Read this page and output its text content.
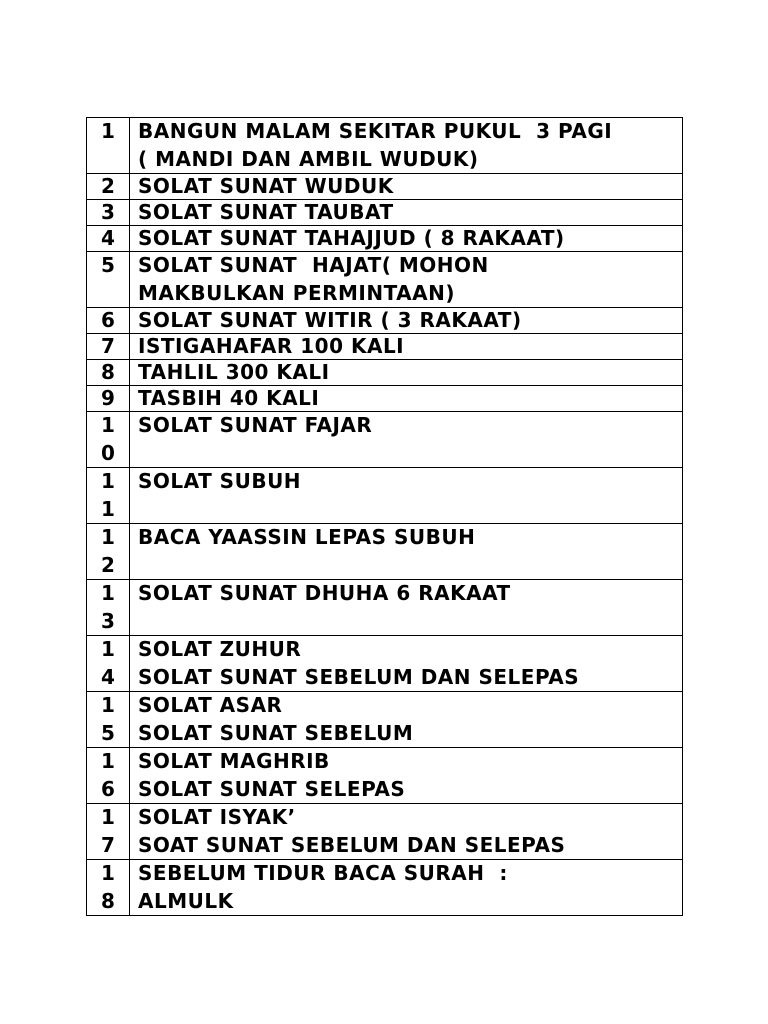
1	BANGUN MALAM SEKITAR PUKUL  3 PAGI
( MANDI DAN AMBIL WUDUK)

2	SOLAT SUNAT WUDUK

3	SOLAT SUNAT TAUBAT

4	SOLAT SUNAT TAHAJJUD ( 8 RAKAAT)

5	SOLAT SUNAT  HAJAT( MOHON
MAKBULKAN PERMINTAAN)

6	SOLAT SUNAT WITIR ( 3 RAKAAT)

7	ISTIGAHAFAR 100 KALI

8	TAHLIL 300 KALI

9	TASBIH 40 KALI

10	SOLAT SUNAT FAJAR

11	SOLAT SUBUH

12	BACA YAASSIN LEPAS SUBUH

13	SOLAT SUNAT DHUHA 6 RAKAAT

14	SOLAT ZUHUR
SOLAT SUNAT SEBELUM DAN SELEPAS

15	SOLAT ASAR
SOLAT SUNAT SEBELUM

16	SOLAT MAGHRIB
SOLAT SUNAT SELEPAS

17	SOLAT ISYAK’
SOAT SUNAT SEBELUM DAN SELEPAS

18	SEBELUM TIDUR BACA SURAH  :
ALMULK
